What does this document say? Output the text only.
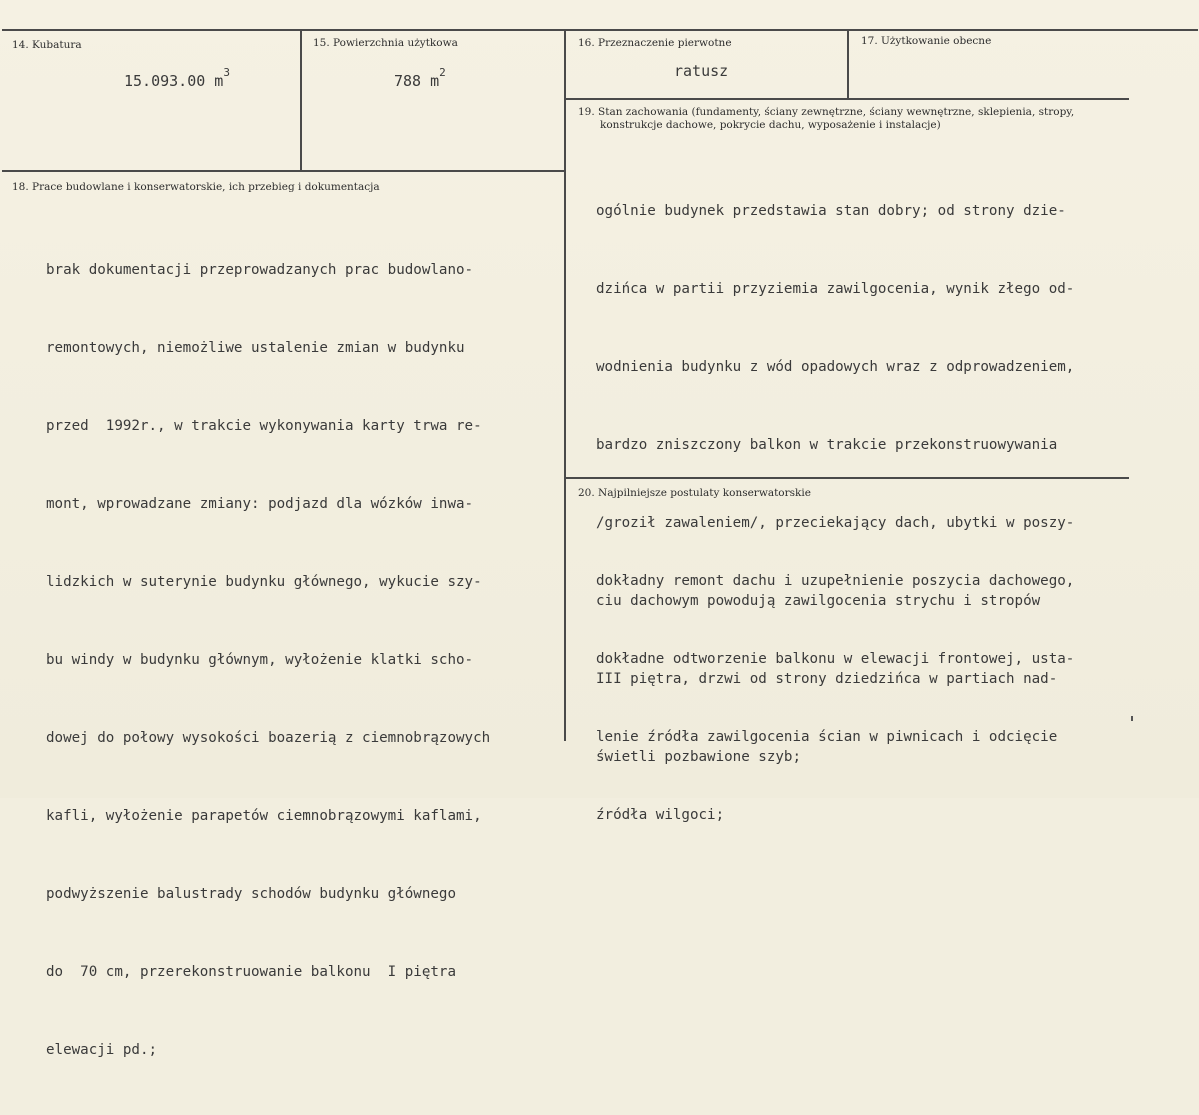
14. Kubatura
15.093.00 $m^3$
15. Powierzchnia użytkowa
788 $m^2$
16. Przeznaczenie pierwotne
ratusz
17. Użytkowanie obecne
18. Prace budowlane i konserwatorskie, ich przebieg i dokumentacja

brak dokumentacji przeprowadzanych prac budowlano-

remontowych, niemożliwe ustalenie zmian w budynku

przed  1992r., w trakcie wykonywania karty trwa re-

mont, wprowadzane zmiany: podjazd dla wózków inwa-

lidzkich w suterynie budynku głównego, wykucie szy-

bu windy w budynku głównym, wyłożenie klatki scho-

dowej do połowy wysokości boazerią z ciemnobrązowych

kafli, wyłożenie parapetów ciemnobrązowymi kaflami,

podwyższenie balustrady schodów budynku głównego

do  70 cm, przerekonstruowanie balkonu  I piętra

elewacji pd.;

19. Stan zachowania (fundamenty, ściany zewnętrzne, ściany wewnętrzne, sklepienia, stropy,
konstrukcje dachowe, pokrycie dachu, wyposażenie i instalacje)

ogólnie budynek przedstawia stan dobry; od strony dzie-

dzińca w partii przyziemia zawilgocenia, wynik złego od-

wodnienia budynku z wód opadowych wraz z odprowadzeniem,

bardzo zniszczony balkon w trakcie przekonstruowywania

/groził zawaleniem/, przeciekający dach, ubytki w poszy-

ciu dachowym powodują zawilgocenia strychu i stropów

III piętra, drzwi od strony dziedzińca w partiach nad-

świetli pozbawione szyb;

20. Najpilniejsze postulaty konserwatorskie

dokładny remont dachu i uzupełnienie poszycia dachowego,

dokładne odtworzenie balkonu w elewacji frontowej, usta-

lenie źródła zawilgocenia ścian w piwnicach i odcięcie

źródła wilgoci;
